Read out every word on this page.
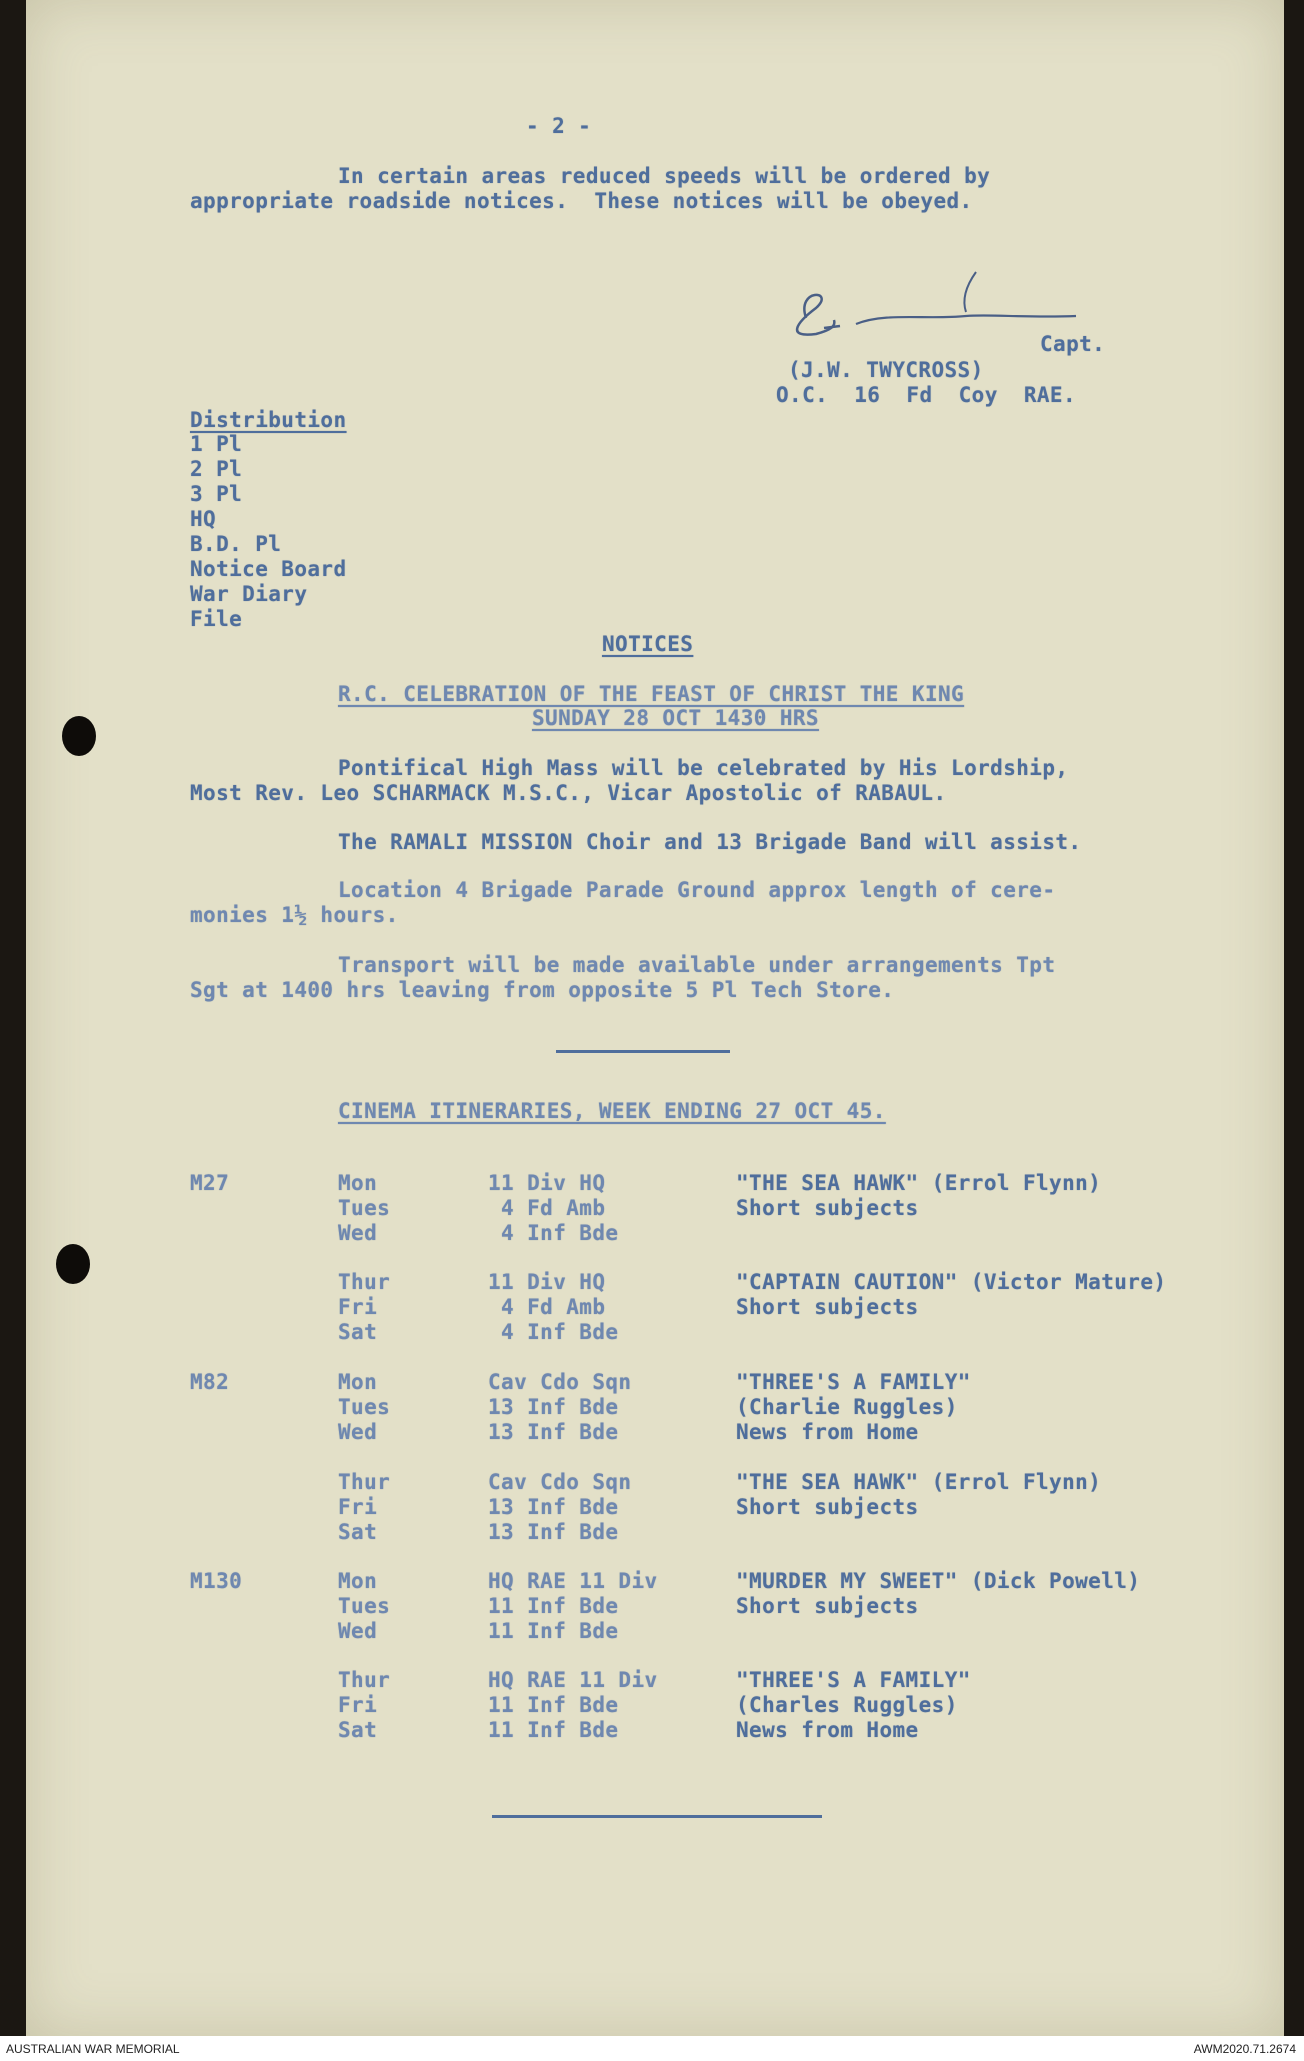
- 2 -
In certain areas reduced speeds will be ordered by
appropriate roadside notices.  These notices will be obeyed.
Capt.
(J.W. TWYCROSS)
O.C.  16  Fd  Coy  RAE.
Distribution
1 Pl
2 Pl
3 Pl
HQ
B.D. Pl
Notice Board
War Diary
File
NOTICES
R.C. CELEBRATION OF THE FEAST OF CHRIST THE KING
SUNDAY 28 OCT 1430 HRS
Pontifical High Mass will be celebrated by His Lordship,
Most Rev. Leo SCHARMACK M.S.C., Vicar Apostolic of RABAUL.
The RAMALI MISSION Choir and 13 Brigade Band will assist.
Location 4 Brigade Parade Ground approx length of cere-
monies 1½ hours.
Transport will be made available under arrangements Tpt
Sgt at 1400 hrs leaving from opposite 5 Pl Tech Store.
CINEMA ITINERARIES, WEEK ENDING 27 OCT 45.
M27	Mon	11 Div HQ	"THE SEA HAWK" (Errol Flynn)
Tues	4 Fd Amb	Short subjects
Wed	4 Inf Bde
Thur	11 Div HQ	"CAPTAIN CAUTION" (Victor Mature)
Fri	4 Fd Amb	Short subjects
Sat	4 Inf Bde
M82	Mon	Cav Cdo Sqn	"THREE'S A FAMILY"
Tues	13 Inf Bde	(Charlie Ruggles)
Wed	13 Inf Bde	News from Home
Thur	Cav Cdo Sqn	"THE SEA HAWK" (Errol Flynn)
Fri	13 Inf Bde	Short subjects
Sat	13 Inf Bde
M130	Mon	HQ RAE 11 Div	"MURDER MY SWEET" (Dick Powell)
Tues	11 Inf Bde	Short subjects
Wed	11 Inf Bde
Thur	HQ RAE 11 Div	"THREE'S A FAMILY"
Fri	11 Inf Bde	(Charles Ruggles)
Sat	11 Inf Bde	News from Home
AUSTRALIAN WAR MEMORIAL	AWM2020.71.2674
